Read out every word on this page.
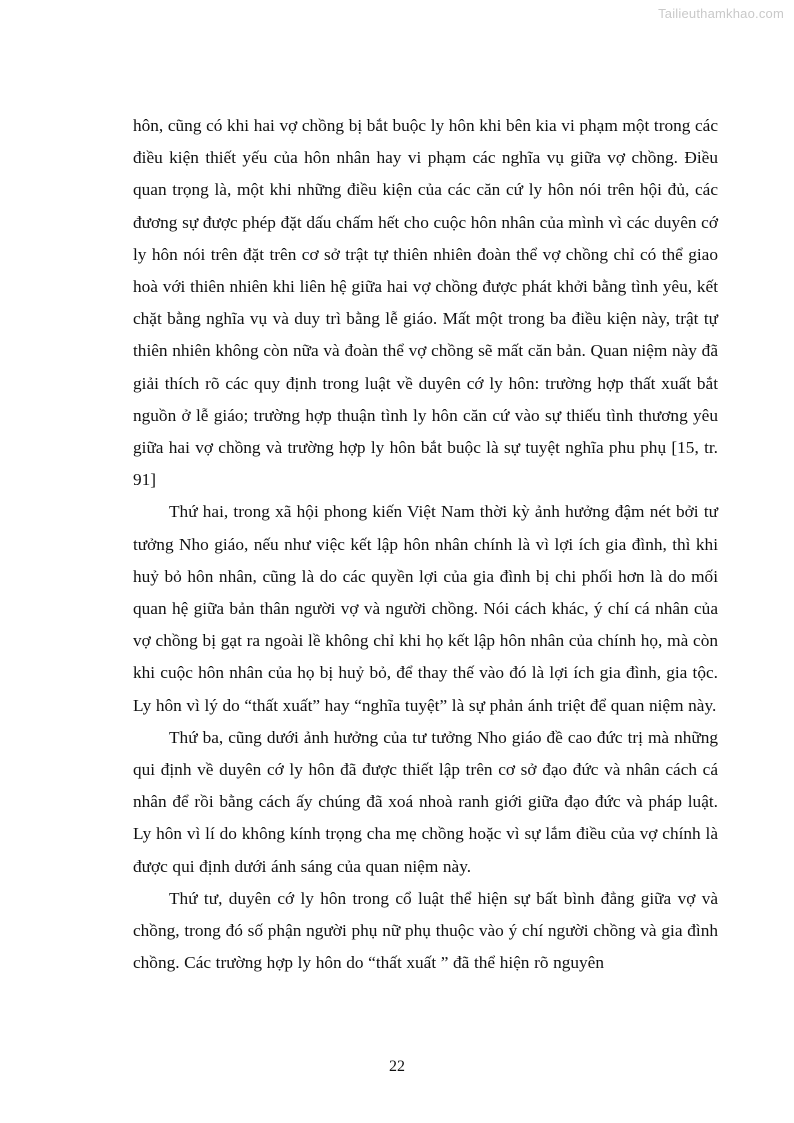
Tailieuthamkhao.com

hôn, cũng có khi hai vợ chồng bị bắt buộc ly hôn khi bên kia vi phạm một trong các điều kiện thiết yếu của hôn nhân hay vi phạm các nghĩa vụ giữa vợ chồng. Điều quan trọng là, một khi những điều kiện của các căn cứ ly hôn nói trên hội đủ, các đương sự được phép đặt dấu chấm hết cho cuộc hôn nhân của mình vì các duyên cớ ly hôn nói trên đặt trên cơ sở trật tự thiên nhiên đoàn thể vợ chồng chỉ có thể giao hoà với thiên nhiên khi liên hệ giữa hai vợ chồng được phát khởi bằng tình yêu, kết chặt bằng nghĩa vụ và duy trì bằng lễ giáo. Mất một trong ba điều kiện này, trật tự thiên nhiên không còn nữa và đoàn thể vợ chồng sẽ mất căn bản. Quan niệm này đã giải thích rõ các quy định trong luật về duyên cớ ly hôn: trường hợp thất xuất bắt nguồn ở lễ giáo; trường hợp thuận tình ly hôn căn cứ vào sự thiếu tình thương yêu giữa hai vợ chồng và trường hợp ly hôn bắt buộc là sự tuyệt nghĩa phu phụ [15, tr. 91]

Thứ hai, trong xã hội phong kiến Việt Nam thời kỳ ảnh hưởng đậm nét bởi tư tưởng Nho giáo, nếu như việc kết lập hôn nhân chính là vì lợi ích gia đình, thì khi huỷ bỏ hôn nhân, cũng là do các quyền lợi của gia đình bị chi phối hơn là do mối quan hệ giữa bản thân người vợ và người chồng. Nói cách khác, ý chí cá nhân của vợ chồng bị gạt ra ngoài lề không chỉ khi họ kết lập hôn nhân của chính họ, mà còn khi cuộc hôn nhân của họ bị huỷ bỏ, để thay thế vào đó là lợi ích gia đình, gia tộc. Ly hôn vì lý do “thất xuất” hay “nghĩa tuyệt” là sự phản ánh triệt để quan niệm này.

Thứ ba, cũng dưới ảnh hưởng của tư tưởng Nho giáo đề cao đức trị mà những qui định về duyên cớ ly hôn đã được thiết lập trên cơ sở đạo đức và nhân cách cá nhân để rồi bằng cách ấy chúng đã xoá nhoà ranh giới giữa đạo đức và pháp luật. Ly hôn vì lí do không kính trọng cha mẹ chồng hoặc vì sự lắm điều của vợ chính là được qui định dưới ánh sáng của quan niệm này.

Thứ tư, duyên cớ ly hôn trong cổ luật thể hiện sự bất bình đẳng giữa vợ và chồng, trong đó số phận người phụ nữ phụ thuộc vào ý chí người chồng và gia đình chồng. Các trường hợp ly hôn do “thất xuất ” đã thể hiện rõ nguyên

22
